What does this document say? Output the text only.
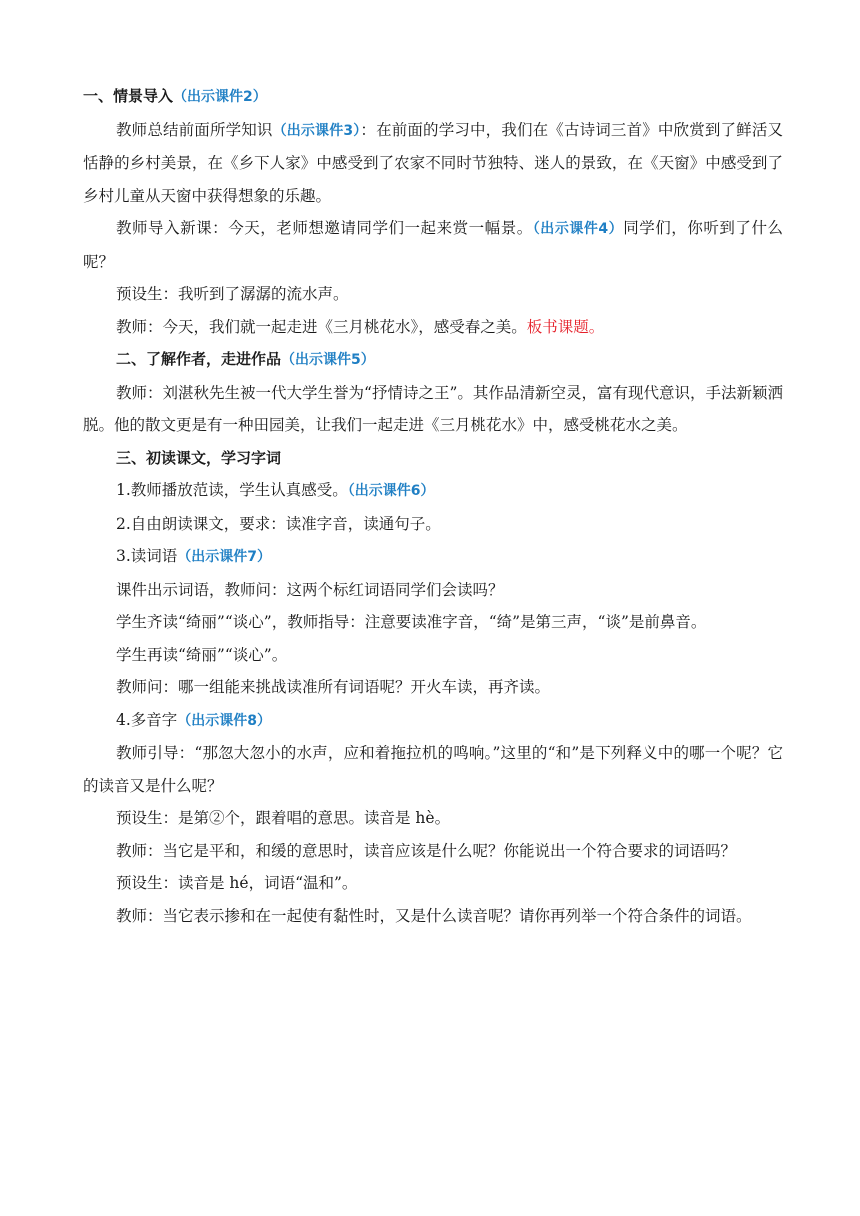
一、情景导入（出示课件2）

教师总结前面所学知识（出示课件3）：在前面的学习中，我们在《古诗词三首》中欣赏到了鲜活又恬静的乡村美景，在《乡下人家》中感受到了农家不同时节独特、迷人的景致，在《天窗》中感受到了乡村儿童从天窗中获得想象的乐趣。

教师导入新课：今天，老师想邀请同学们一起来赏一幅景。（出示课件4）同学们，你听到了什么呢？

预设生：我听到了潺潺的流水声。

教师：今天，我们就一起走进《三月桃花水》，感受春之美。板书课题。

二、了解作者，走进作品（出示课件5）

教师：刘湛秋先生被一代大学生誉为“抒情诗之王”。其作品清新空灵，富有现代意识，手法新颖洒脱。他的散文更是有一种田园美，让我们一起走进《三月桃花水》中，感受桃花水之美。

三、初读课文，学习字词

1.教师播放范读，学生认真感受。（出示课件6）

2.自由朗读课文，要求：读准字音，读通句子。

3.读词语（出示课件7）

课件出示词语，教师问：这两个标红词语同学们会读吗？

学生齐读“绮丽”“谈心”，教师指导：注意要读准字音，“绮”是第三声，“谈”是前鼻音。

学生再读“绮丽”“谈心”。

教师问：哪一组能来挑战读准所有词语呢？开火车读，再齐读。

4.多音字（出示课件8）

教师引导：“那忽大忽小的水声，应和着拖拉机的鸣响。”这里的“和”是下列释义中的哪一个呢？它的读音又是什么呢？

预设生：是第②个，跟着唱的意思。读音是 hè。

教师：当它是平和，和缓的意思时，读音应该是什么呢？你能说出一个符合要求的词语吗？

预设生：读音是 hé，词语“温和”。

教师：当它表示掺和在一起使有黏性时，又是什么读音呢？请你再列举一个符合条件的词语。
